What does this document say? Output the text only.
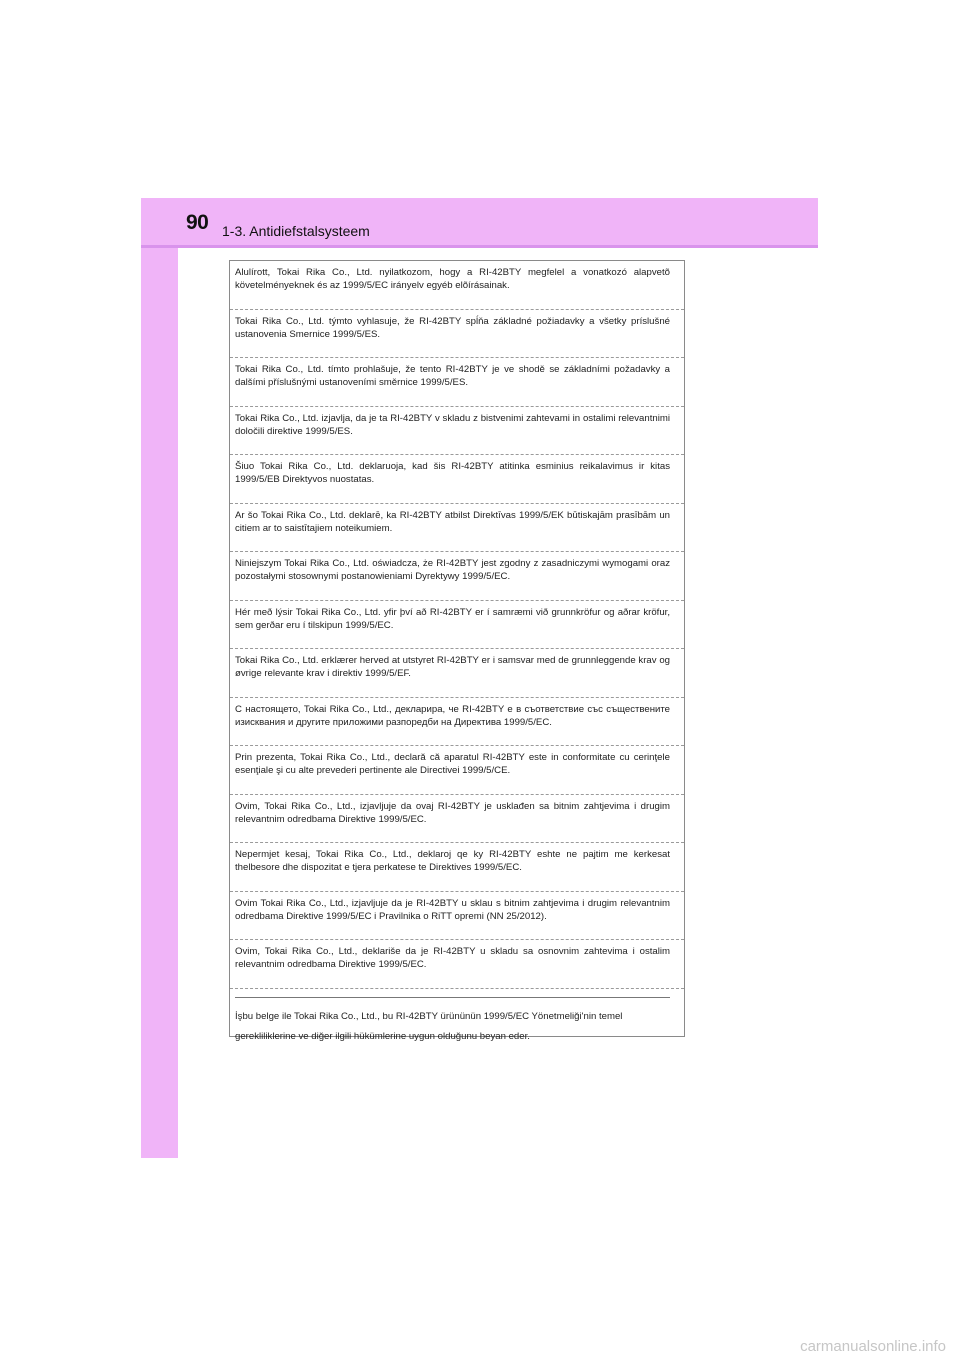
90 1-3. Antidiefstalsysteem
Alulírott, Tokai Rika Co., Ltd. nyilatkozom, hogy a RI-42BTY megfelel a vonatkozó alapvetõ követelményeknek és az 1999/5/EC irányelv egyéb elõírásainak.
Tokai Rika Co., Ltd. týmto vyhlasuje, že RI-42BTY spĺňa základné požiadavky a všetky príslušné ustanovenia Smernice 1999/5/ES.
Tokai Rika Co., Ltd. tímto prohlašuje, že tento RI-42BTY je ve shodě se základními požadavky a dalšími příslušnými ustanoveními směrnice 1999/5/ES.
Tokai Rika Co., Ltd. izjavlja, da je ta RI-42BTY v skladu z bistvenimi zahtevami in ostalimi relevantnimi določili direktive 1999/5/ES.
Šiuo Tokai Rika Co., Ltd. deklaruoja, kad šis RI-42BTY atitinka esminius reikalavimus ir kitas 1999/5/EB Direktyvos nuostatas.
Ar šo Tokai Rika Co., Ltd. deklarē, ka RI-42BTY atbilst Direktīvas 1999/5/EK būtiskajām prasībām un citiem ar to saistītajiem noteikumiem.
Niniejszym Tokai Rika Co., Ltd. oświadcza, że RI-42BTY jest zgodny z zasadniczymi wymogami oraz pozostałymi stosownymi postanowieniami Dyrektywy 1999/5/EC.
Hér með lýsir Tokai Rika Co., Ltd. yfir því að RI-42BTY er í samræmi við grunnkröfur og aðrar kröfur, sem gerðar eru í tilskipun 1999/5/EC.
Tokai Rika Co., Ltd. erklærer herved at utstyret RI-42BTY er i samsvar med de grunnleggende krav og øvrige relevante krav i direktiv 1999/5/EF.
С настоящето, Tokai Rika Co., Ltd., декларира, че RI-42BTY е в съответствие със съществените изисквания и другите приложими разпоредби на Директива 1999/5/ЕС.
Prin prezenta, Tokai Rika Co., Ltd., declară că aparatul RI-42BTY este in conformitate cu cerinţele esenţiale şi cu alte prevederi pertinente ale Directivei 1999/5/CE.
Ovim, Tokai Rika Co., Ltd., izjavljuje da ovaj RI-42BTY je usklađen sa bitnim zahtjevima i drugim relevantnim odredbama Direktive 1999/5/EC.
Nepermjet kesaj, Tokai Rika Co., Ltd., deklaroj qe ky RI-42BTY eshte ne pajtim me kerkesat thelbesore dhe dispozitat e tjera perkatese te Direktives 1999/5/EC.
Ovim Tokai Rika Co., Ltd., izjavljuje da je RI-42BTY u sklau s bitnim zahtjevima i drugim relevantnim odredbama Direktive 1999/5/EC i Pravilnika o RiTT opremi (NN 25/2012).
Ovim, Tokai Rika Co., Ltd., deklariše da je RI-42BTY u skladu sa osnovnim zahtevima i ostalim relevantnim odredbama Direktive 1999/5/EC.
İşbu belge ile Tokai Rika Co., Ltd., bu RI-42BTY ürününün 1999/5/EC Yönetmeliği'nin temel
gerekliliklerine ve diğer ilgili hükümlerine uygun olduğunu beyan eder.
carmanualsonline.info
